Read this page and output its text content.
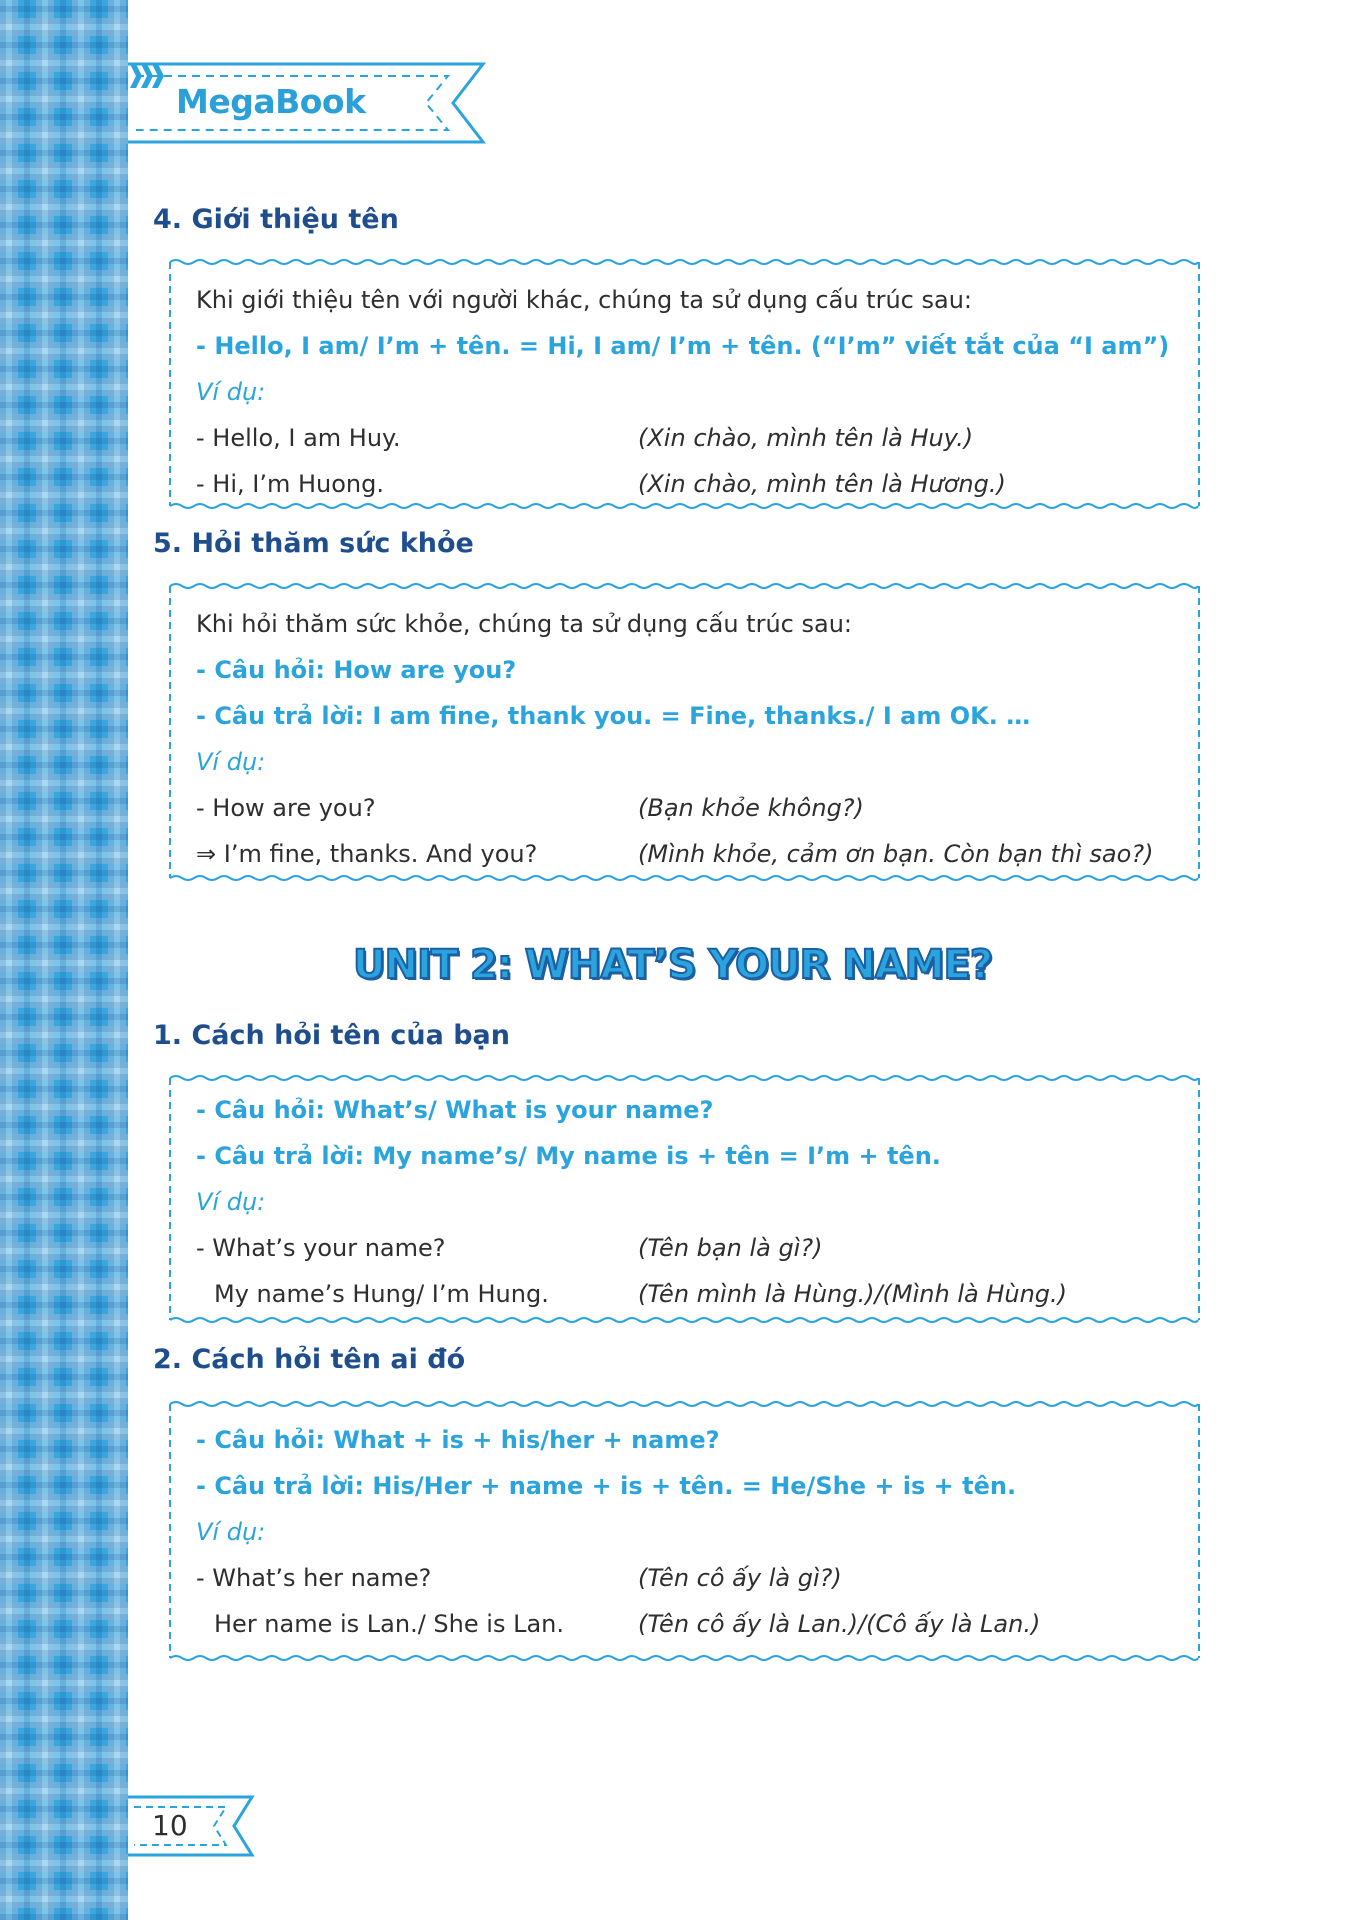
MegaBook
4. Giới thiệu tên
Khi giới thiệu tên với người khác, chúng ta sử dụng cấu trúc sau:
- Hello, I am/ I’m + tên. = Hi, I am/ I’m + tên. (“I’m” viết tắt của “I am”)
Ví dụ:
- Hello, I am Huy.	(Xin chào, mình tên là Huy.)
- Hi, I’m Huong.	(Xin chào, mình tên là Hương.)
5. Hỏi thăm sức khỏe
Khi hỏi thăm sức khỏe, chúng ta sử dụng cấu trúc sau:
- Câu hỏi: How are you?
- Câu trả lời: I am fine, thank you. = Fine, thanks./ I am OK. …
Ví dụ:
- How are you?	(Bạn khỏe không?)
⇒ I’m fine, thanks. And you?	(Mình khỏe, cảm ơn bạn. Còn bạn thì sao?)
UNIT 2: WHAT’S YOUR NAME?
1. Cách hỏi tên của bạn
- Câu hỏi: What’s/ What is your name?
- Câu trả lời: My name’s/ My name is + tên = I’m + tên.
Ví dụ:
- What’s your name?	(Tên bạn là gì?)
My name’s Hung/ I’m Hung.	(Tên mình là Hùng.)/(Mình là Hùng.)
2. Cách hỏi tên ai đó
- Câu hỏi: What + is + his/her + name?
- Câu trả lời: His/Her + name + is + tên. = He/She + is + tên.
Ví dụ:
- What’s her name?	(Tên cô ấy là gì?)
Her name is Lan./ She is Lan.	(Tên cô ấy là Lan.)/(Cô ấy là Lan.)
10
